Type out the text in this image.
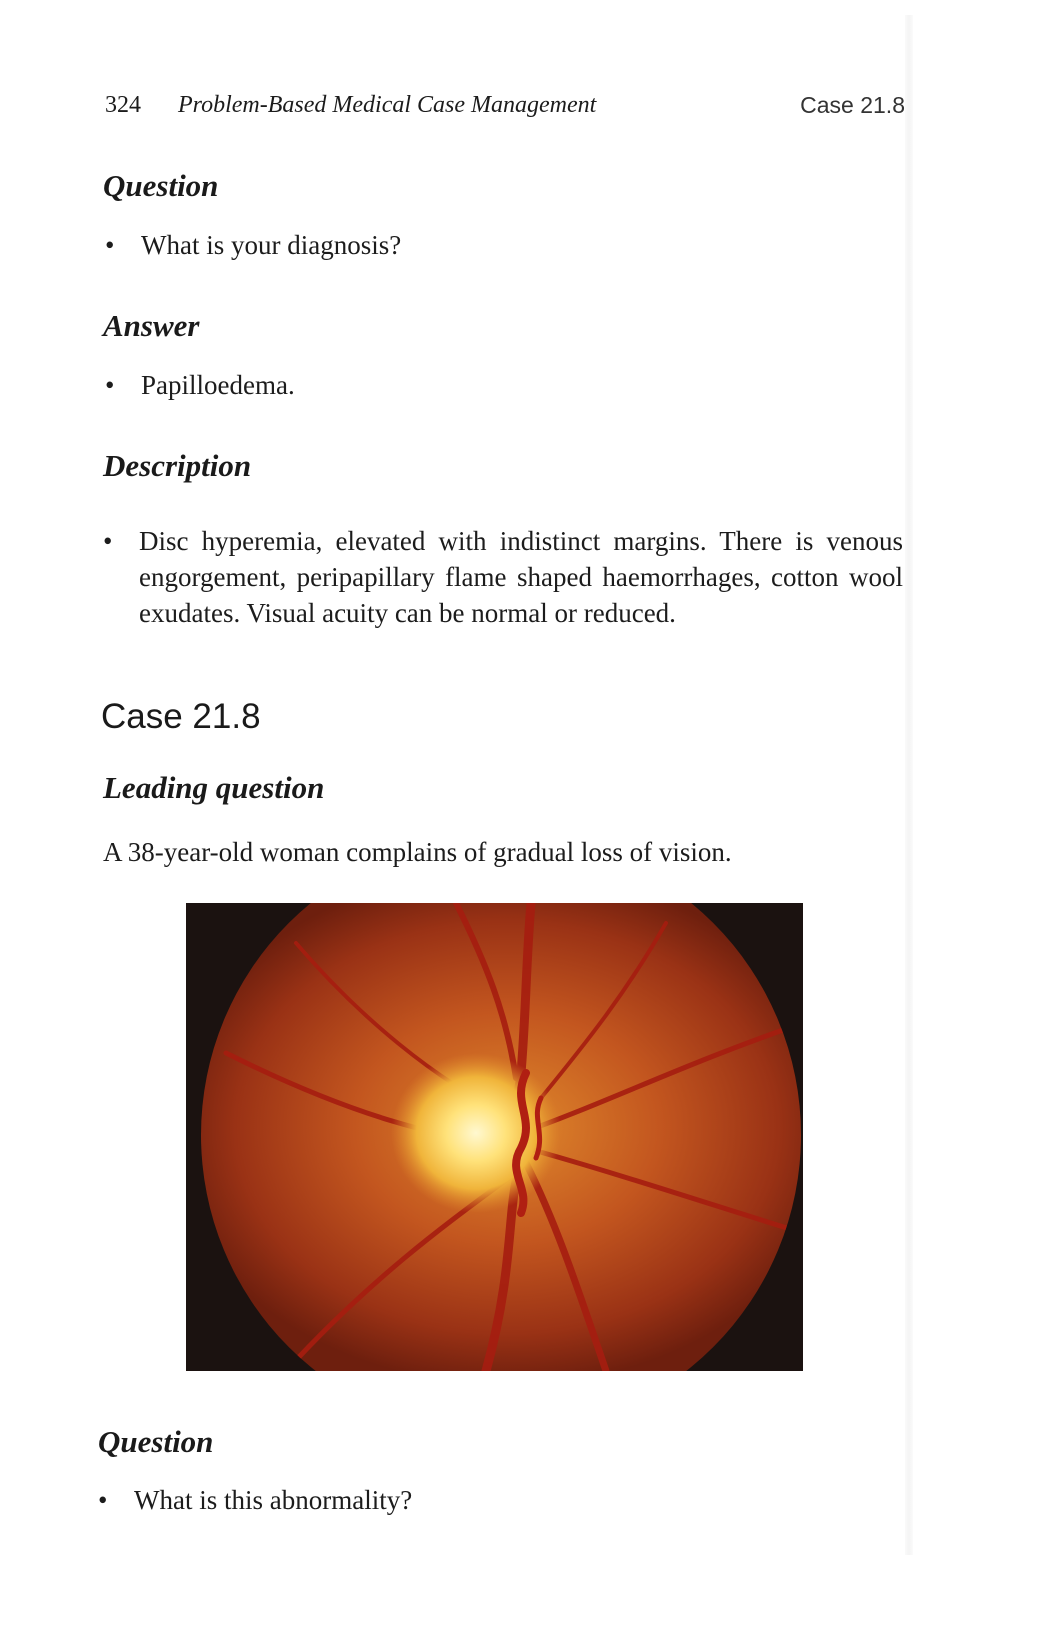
324 Problem-Based Medical Case Management	Case 21.8
Question
• What is your diagnosis?
Answer
• Papilloedema.
Description
• Disc hyperemia, elevated with indistinct margins. There is venous engorgement, peripapillary flame shaped haemorrhages, cotton wool exudates. Visual acuity can be normal or reduced.
Case 21.8
Leading question
A 38-year-old woman complains of gradual loss of vision.
Question
• What is this abnormality?
